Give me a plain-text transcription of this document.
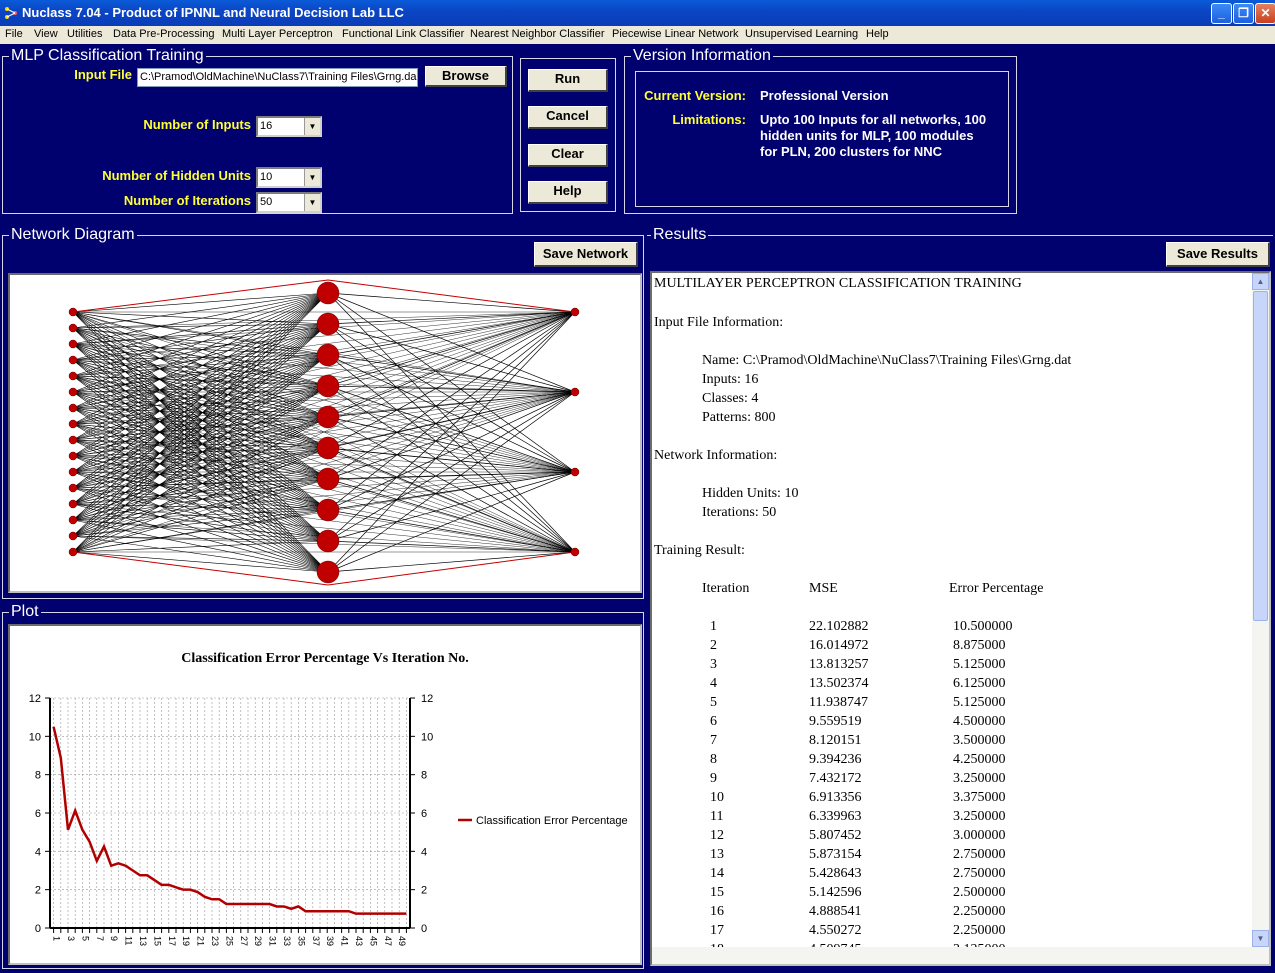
Nuclass 7.04 - Product of IPNNL and Neural Decision Lab LLC	_	❐ ✕
File View Utilities Data Pre-Processing Multi Layer Perceptron Functional Link Classifier Nearest Neighbor Classifier Piecewise Linear Network Unsupervised Learning Help
MLP Classification Training
Input File C:\Pramod\OldMachine\NuClass7\Training Files\Grng.da	Browse
Number of Inputs 16	▼
Number of Hidden Units 10	▼
Number of Iterations 50	▼
Run
Cancel
Clear
Help
Version Information
Current Version: Professional Version
Limitations: Upto 100 Inputs for all networks, 100
hidden units for MLP, 100 modules
for PLN, 200 clusters for NNC
Network Diagram
Save Network
Plot
Classification Error Percentage Vs Iteration No.
0	0
2	2
4	4
6	6
8	8
10	10
12	12
1 3 5 7 9 11 13 15 17 19 21 23 25 27 29 31 33 35 37 39 41 43 45 47 49
Classification Error Percentage
Results
Save Results
MULTILAYER PERCEPTRON CLASSIFICATION TRAINING
Input File Information:
Name: C:\Pramod\OldMachine\NuClass7\Training Files\Grng.dat
Inputs: 16
Classes: 4
Patterns: 800
Network Information:
Hidden Units: 10
Iterations: 50
Training Result:
Iteration	MSE	Error Percentage
1	22.102882	10.500000
2	16.014972	8.875000
3	13.813257	5.125000
4	13.502374	6.125000
5	11.938747	5.125000
6	9.559519	4.500000
7	8.120151	3.500000
8	9.394236	4.250000
9	7.432172	3.250000
10	6.913356	3.375000
11	6.339963	3.250000
12	5.807452	3.000000
13	5.873154	2.750000
14	5.428643	2.750000
15	5.142596	2.500000
16	4.888541	2.250000
17	4.550272	2.250000
▲
▼
